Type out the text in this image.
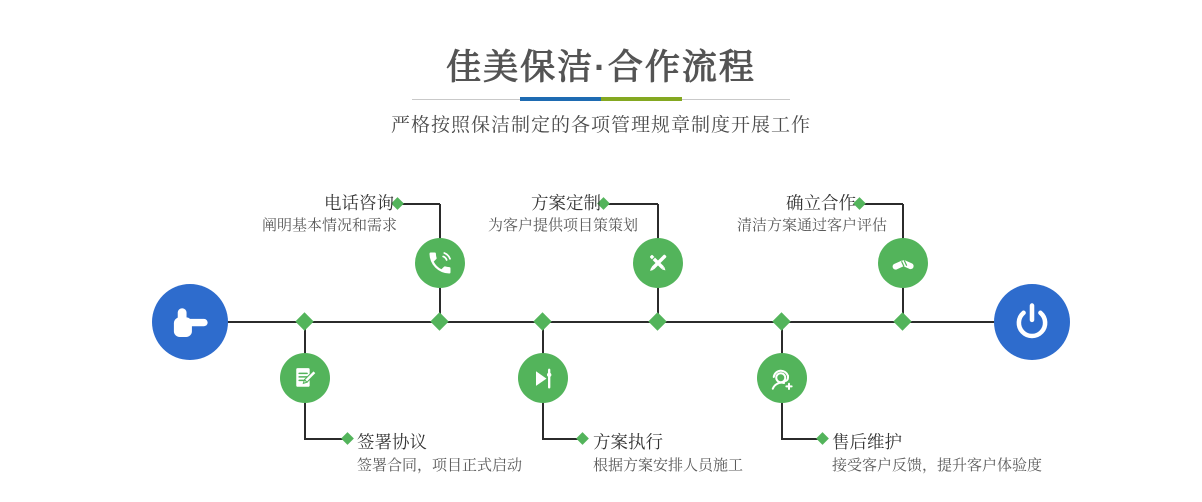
佳美保洁·合作流程
严格按照保洁制定的各项管理规章制度开展工作
电话咨询
阐明基本情况和需求
方案定制
为客户提供项目策策划
确立合作
清洁方案通过客户评估
签署协议
签署合同，项目正式启动
方案执行
根据方案安排人员施工
售后维护
接受客户反馈，提升客户体验度
